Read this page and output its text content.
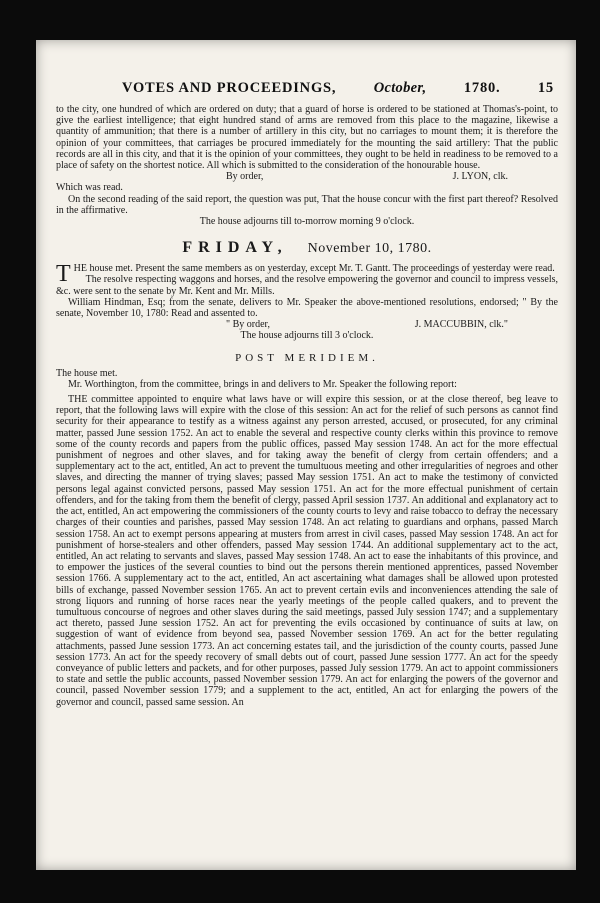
VOTES AND PROCEEDINGS,	October,	1780.	15

to the city, one hundred of which are ordered on duty; that a guard of horse is ordered to be stationed at Thomas's-point, to give the earliest intelligence; that eight hundred stand of arms are removed from this place to the magazine, likewise a quantity of ammunition; that there is a number of artillery in this city, but no carriages to mount them; it is therefore the opinion of your committees, that carriages be procured immediately for the mounting the said artillery: That the public records are all in this city, and that it is the opinion of your committees, they ought to be held in readiness to be removed to a place of safety on the shortest notice. All which is submitted to the consideration of the honourable house.

By order,	J. LYON, clk.

Which was read.

On the second reading of the said report, the question was put, That the house concur with the first part thereof? Resolved in the affirmative.

The house adjourns till to-morrow morning 9 o'clock.

FRIDAY, November 10, 1780.
T HE house met. Present the same members as on yesterday, except Mr. T. Gantt. The proceedings of yesterday were read.

The resolve respecting waggons and horses, and the resolve empowering the governor and council to impress vessels, &c. were sent to the senate by Mr. Kent and Mr. Mills.

William Hindman, Esq; from the senate, delivers to Mr. Speaker the above-mentioned resolutions, endorsed; " By the senate, November 10, 1780: Read and assented to.

" By order,	J. MACCUBBIN, clk."

The house adjourns till 3 o'clock.

POST MERIDIEM.

The house met.

Mr. Worthington, from the committee, brings in and delivers to Mr. Speaker the following report:

THE committee appointed to enquire what laws have or will expire this session, or at the close thereof, beg leave to report, that the following laws will expire with the close of this session: An act for the relief of such persons as cannot find security for their appearance to testify as a witness against any person arrested, accused, or prosecuted, for any criminal matter, passed June session 1752. An act to enable the several and respective county clerks within this province to remove some of the county records and papers from the public offices, passed May session 1748. An act for the more effectual punishment of negroes and other slaves, and for taking away the benefit of clergy from certain offenders; and a supplementary act to the act, entitled, An act to prevent the tumultuous meeting and other irregularities of negroes and other slaves, and directing the manner of trying slaves; passed May session 1751. An act to make the testimony of convicted persons legal against convicted persons, passed May session 1751. An act for the more effectual punishment of certain offenders, and for the taking from them the benefit of clergy, passed April session 1737. An additional and explanatory act to the act, entitled, An act empowering the commissioners of the county courts to levy and raise tobacco to defray the necessary charges of their counties and parishes, passed May session 1748. An act relating to guardians and orphans, passed March session 1758. An act to exempt persons appearing at musters from arrest in civil cases, passed May session 1748. An act for punishment of horse-stealers and other offenders, passed May session 1744. An additional supplementary act to the act, entitled, An act relating to servants and slaves, passed May session 1748. An act to ease the inhabitants of this province, and to empower the justices of the several counties to bind out the persons therein mentioned apprentices, passed November session 1766. A supplementary act to the act, entitled, An act ascertaining what damages shall be allowed upon protested bills of exchange, passed November session 1765. An act to prevent certain evils and inconveniences attending the sale of strong liquors and running of horse races near the yearly meetings of the people called quakers, and to prevent the tumultuous concourse of negroes and other slaves during the said meetings, passed July session 1747; and a supplementary act thereto, passed June session 1752. An act for preventing the evils occasioned by continuance of suits at law, on suggestion of want of evidence from beyond sea, passed November session 1769. An act for the better regulating attachments, passed June session 1773. An act concerning estates tail, and the jurisdiction of the county courts, passed June session 1773. An act for the speedy recovery of small debts out of court, passed June session 1777. An act for the speedy conveyance of public letters and packets, and for other purposes, passed July session 1779. An act to appoint commissioners to state and settle the public accounts, passed November session 1779. An act for enlarging the powers of the governor and council, passed November session 1779; and a supplement to the act, entitled, An act for enlarging the powers of the governor and council, passed same session. An
